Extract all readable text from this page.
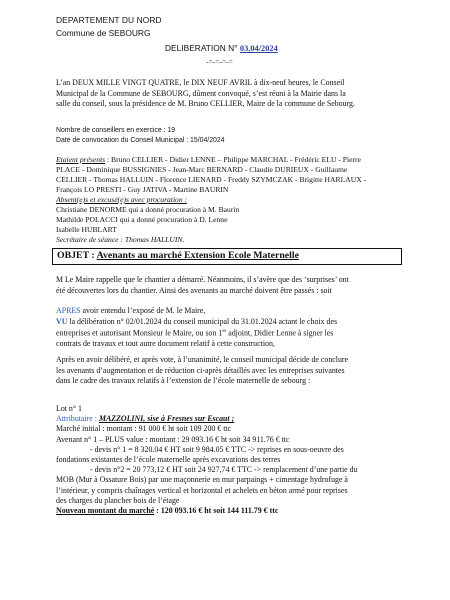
DEPARTEMENT DU NORD
Commune de SEBOURG
DELIBERATION N° 03.04/2024
-=-=-=-=
L’an DEUX MILLE VINGT QUATRE, le DIX NEUF AVRIL à dix-neuf heures, le Conseil
Municipal de la Commune de SEBOURG, dûment convoqué, s’est réuni à la Mairie dans la
salle du conseil, sous la présidence de M. Bruno CELLIER, Maire de la commune de Sebourg.
Nombre de conseillers en exercice : 19
Date de convocation du Conseil Municipal : 15/04/2024
Etaient présents : Bruno CELLIER - Didier LENNE – Philippe MARCHAL - Frédéric ELU - Pierre
PLACE - Dominique BUSSIGNIES - Jean-Marc BERNARD - Claudie DURIEUX - Guillaume
CELLIER - Thomas HALLUIN - Florence LIENARD - Freddy SZYMCZAK - Brigitte HARLAUX -
François LO PRESTI - Guy JATIVA - Martine BAURIN
Absent(e)s et excusé(e)s avec procuration :
Christiane DENORME qui a donné procuration à M. Baurin
Mathilde POLACCI qui a donné procuration à D. Lenne
Isabelle HUBLART
Secrétaire de séance : Thomas HALLUIN.
OBJET : Avenants au marché Extension Ecole Maternelle
M Le Maire rappelle que le chantier a démarré. Néanmoins, il s’avère que des ‘surprises’ ont
été découvertes lors du chantier. Ainsi des avenants au marché doivent être passés : soit
APRES avoir entendu l’exposé de M. le Maire,
VU la délibération n° 02/01.2024 du conseil municipal du 31.01.2024 actant le choix des
entreprises et autorisant Monsieur le Maire, ou son 1er adjoint, Didier Lenne à signer les
contrats de travaux et tout autre document relatif à cette construction,
Après en avoir délibéré, et après vote, à l’unanimité, le conseil municipal décide de conclure
les avenants d’augmentation et de réduction ci-après détaillés avec les entreprises suivantes
dans le cadre des travaux relatifs à l’extension de l’école maternelle de sebourg :
Lot n° 1
Attributaire : MAZZOLINI, sise à Fresnes sur Escaut ;
Marché initial : montant : 91 000 € ht soit 109 200 € ttc
Avenant n° 1 – PLUS value : montant : 29 093.16 € ht soit 34 911.76 € ttc
- devis n° 1 = 8 320.04 € HT soit 9 984.05 € TTC -> reprises en sous-oeuvre des
fondations existantes de l’école maternelle après excavations des terres
- devis n°2 = 20 773,12 € HT soit 24 927,74 € TTC -> remplacement d’une partie du
MOB (Mur à Ossature Bois) par une maçonnerie en mur parpaings + cimentage hydrofuge à
l’intérieur, y compris chaînages vertical et horizontal et achelets en béton armé pour reprises
des charges du plancher bois de l’étage
Nouveau montant du marché : 120 093.16 € ht soit 144 111.79 € ttc
